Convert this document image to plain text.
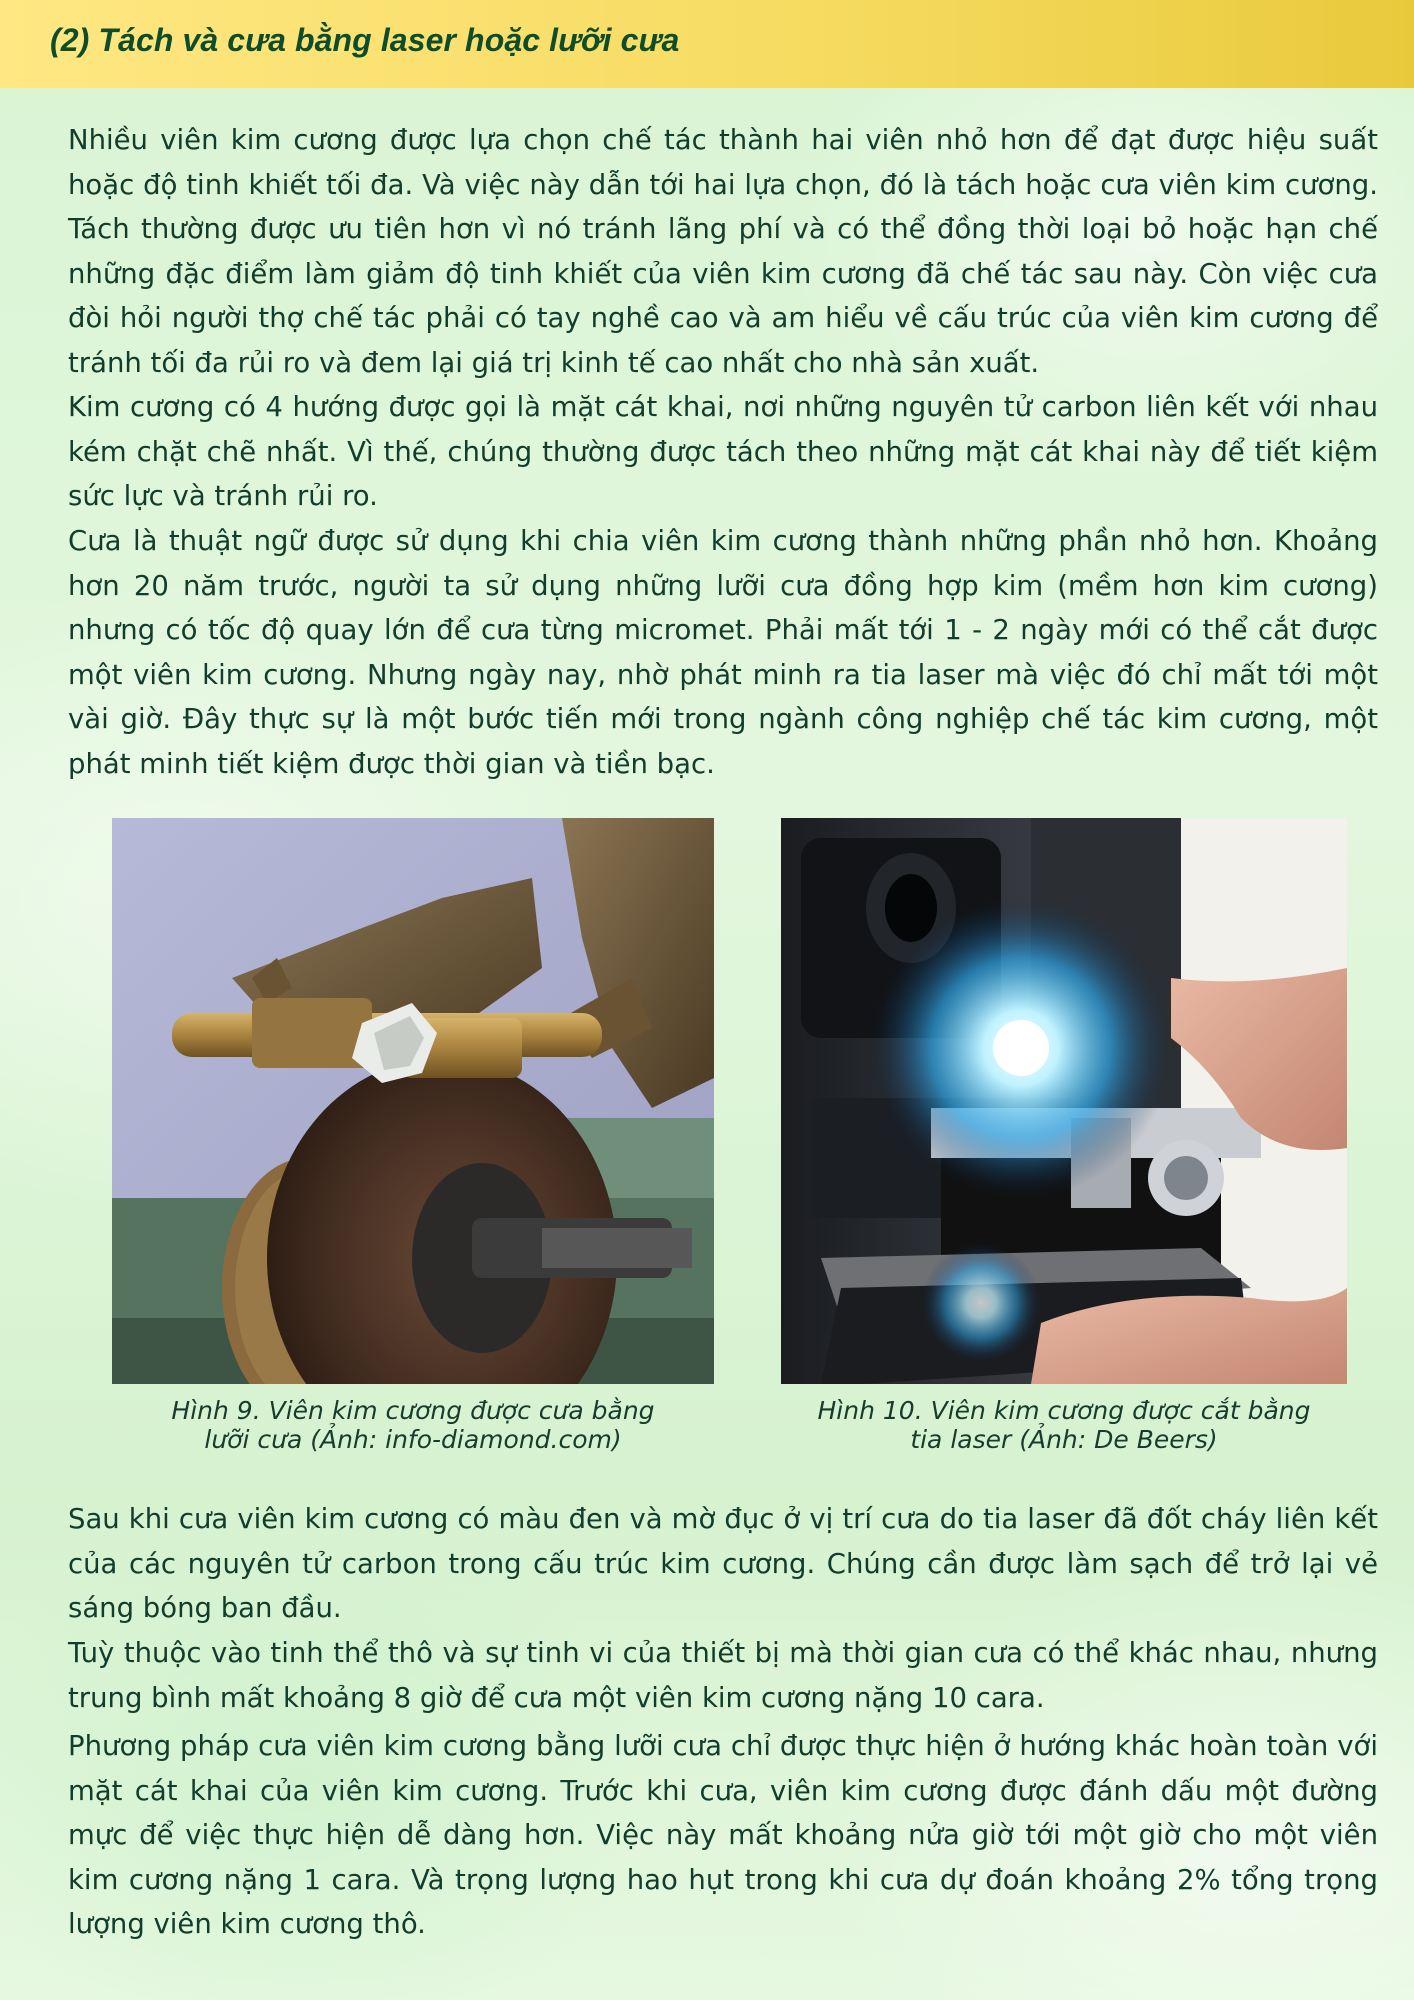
(2) Tách và cưa bằng laser hoặc lưỡi cưa

Nhiều viên kim cương được lựa chọn chế tác thành hai viên nhỏ hơn để đạt được hiệu suất hoặc độ tinh khiết tối đa. Và việc này dẫn tới hai lựa chọn, đó là tách hoặc cưa viên kim cương. Tách thường được ưu tiên hơn vì nó tránh lãng phí và có thể đồng thời loại bỏ hoặc hạn chế những đặc điểm làm giảm độ tinh khiết của viên kim cương đã chế tác sau này. Còn việc cưa đòi hỏi người thợ chế tác phải có tay nghề cao và am hiểu về cấu trúc của viên kim cương để tránh tối đa rủi ro và đem lại giá trị kinh tế cao nhất cho nhà sản xuất.

Kim cương có 4 hướng được gọi là mặt cát khai, nơi những nguyên tử carbon liên kết với nhau kém chặt chẽ nhất. Vì thế, chúng thường được tách theo những mặt cát khai này để tiết kiệm sức lực và tránh rủi ro.

Cưa là thuật ngữ được sử dụng khi chia viên kim cương thành những phần nhỏ hơn. Khoảng hơn 20 năm trước, người ta sử dụng những lưỡi cưa đồng hợp kim (mềm hơn kim cương) nhưng có tốc độ quay lớn để cưa từng micromet. Phải mất tới 1 - 2 ngày mới có thể cắt được một viên kim cương. Nhưng ngày nay, nhờ phát minh ra tia laser mà việc đó chỉ mất tới một vài giờ. Đây thực sự là một bước tiến mới trong ngành công nghiệp chế tác kim cương, một phát minh tiết kiệm được thời gian và tiền bạc.

Hình 9. Viên kim cương được cưa bằng
lưỡi cưa (Ảnh: info-diamond.com)

Hình 10. Viên kim cương được cắt bằng
tia laser (Ảnh: De Beers)

Sau khi cưa viên kim cương có màu đen và mờ đục ở vị trí cưa do tia laser đã đốt cháy liên kết của các nguyên tử carbon trong cấu trúc kim cương. Chúng cần được làm sạch để trở lại vẻ sáng bóng ban đầu.

Tuỳ thuộc vào tinh thể thô và sự tinh vi của thiết bị mà thời gian cưa có thể khác nhau, nhưng trung bình mất khoảng 8 giờ để cưa một viên kim cương nặng 10 cara.

Phương pháp cưa viên kim cương bằng lưỡi cưa chỉ được thực hiện ở hướng khác hoàn toàn với mặt cát khai của viên kim cương. Trước khi cưa, viên kim cương được đánh dấu một đường mực để việc thực hiện dễ dàng hơn. Việc này mất khoảng nửa giờ tới một giờ cho một viên kim cương nặng 1 cara. Và trọng lượng hao hụt trong khi cưa dự đoán khoảng 2% tổng trọng lượng viên kim cương thô.
